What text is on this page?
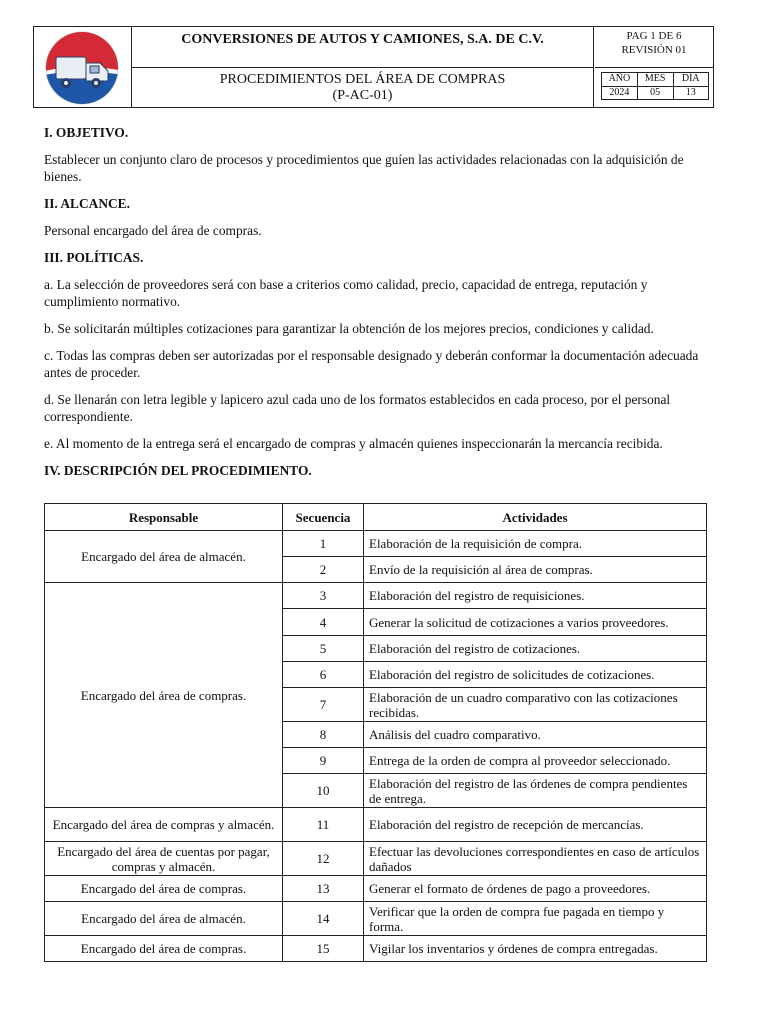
CONVERSIONES DE AUTOS Y CAMIONES, S.A. DE C.V.
PROCEDIMIENTOS DEL ÁREA DE COMPRAS
(P-AC-01)
PAG 1 DE 6
REVISIÓN 01
AÑO	MES	DÍA
2024	05	13
I. OBJETIVO.
Establecer un conjunto claro de procesos y procedimientos que guíen las actividades relacionadas con la adquisición de bienes.
II. ALCANCE.
Personal encargado del área de compras.
III. POLÍTICAS.
a. La selección de proveedores será con base a criterios como calidad, precio, capacidad de entrega, reputación y cumplimiento normativo.
b. Se solicitarán múltiples cotizaciones para garantizar la obtención de los mejores precios, condiciones y calidad.
c. Todas las compras deben ser autorizadas por el responsable designado y deberán conformar la documentación adecuada antes de proceder.
d. Se llenarán con letra legible y lapicero azul cada uno de los formatos establecidos en cada proceso, por el personal correspondiente.
e. Al momento de la entrega será el encargado de compras y almacén quienes inspeccionarán la mercancía recibida.
IV. DESCRIPCIÓN DEL PROCEDIMIENTO.
Responsable	Secuencia	Actividades
Encargado del área de almacén.	1	Elaboración de la requisición de compra.
	2	Envío de la requisición al área de compras.
Encargado del área de compras.	3	Elaboración del registro de requisiciones.
	4	Generar la solicitud de cotizaciones a varios proveedores.
	5	Elaboración del registro de cotizaciones.
	6	Elaboración del registro de solicitudes de cotizaciones.
	7	Elaboración de un cuadro comparativo con las cotizaciones recibidas.
	8	Análisis del cuadro comparativo.
	9	Entrega de la orden de compra al proveedor seleccionado.
	10	Elaboración del registro de las órdenes de compra pendientes de entrega.
Encargado del área de compras y almacén.	11	Elaboración del registro de recepción de mercancías.
Encargado del área de cuentas por pagar, compras y almacén.	12	Efectuar las devoluciones correspondientes en caso de artículos dañados
Encargado del área de compras.	13	Generar el formato de órdenes de pago a proveedores.
Encargado del área de almacén.	14	Verificar que la orden de compra fue pagada en tiempo y forma.
Encargado del área de compras.	15	Vigilar los inventarios y órdenes de compra entregadas.
